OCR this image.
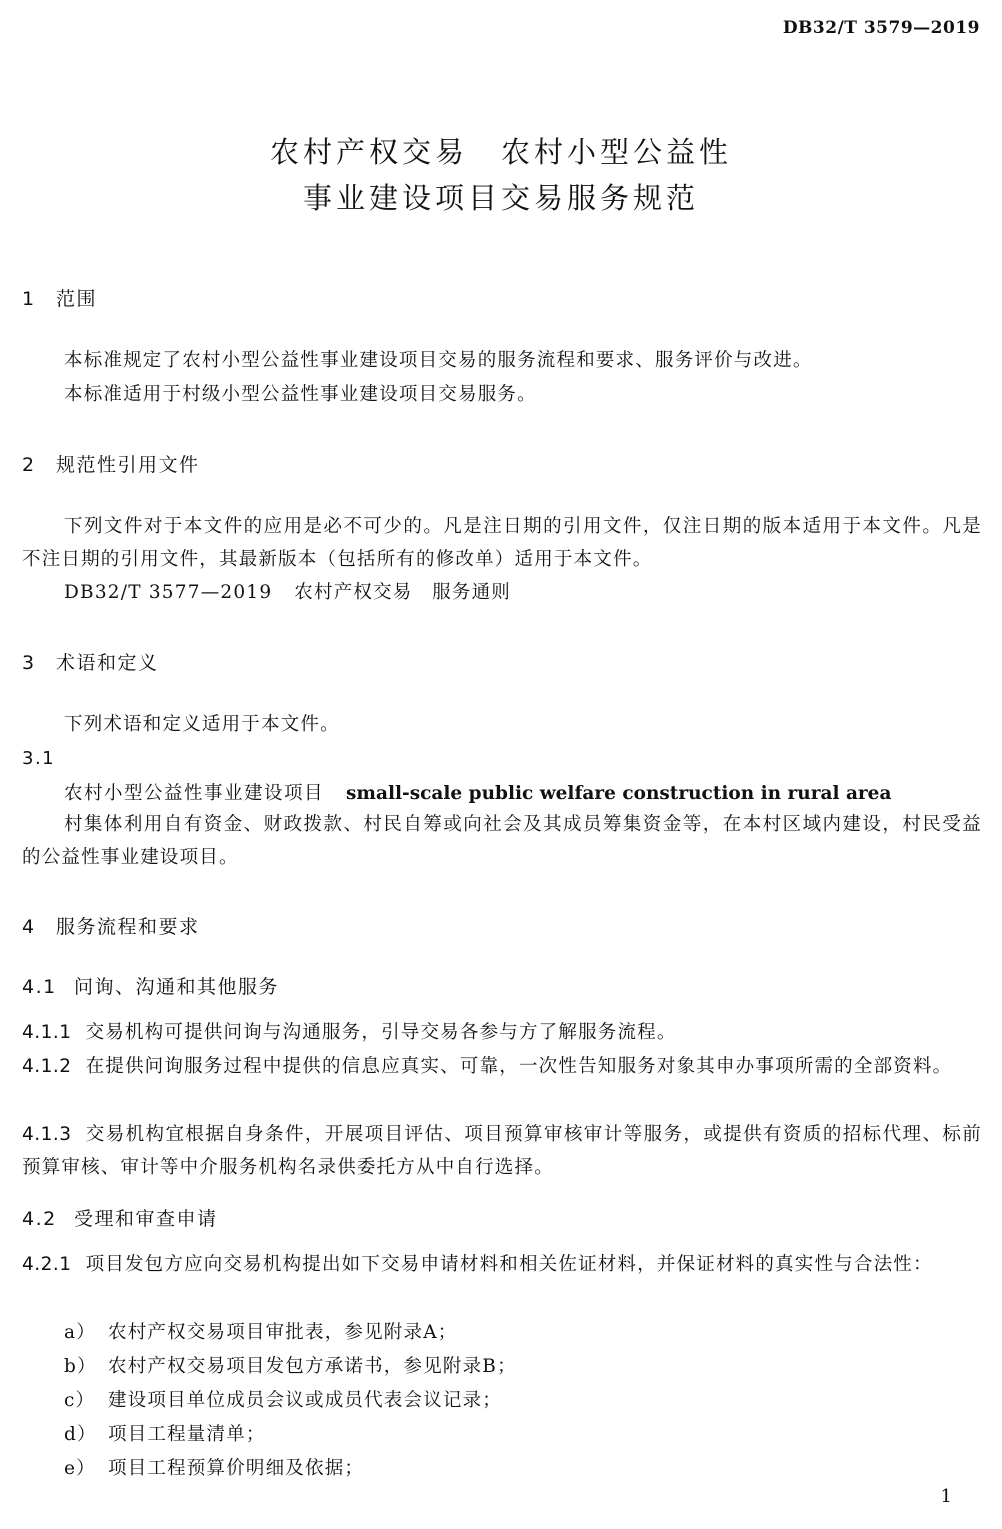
DB32/T 3579—2019
农村产权交易　农村小型公益性
事业建设项目交易服务规范
1 范围
本标准规定了农村小型公益性事业建设项目交易的服务流程和要求、服务评价与改进。
本标准适用于村级小型公益性事业建设项目交易服务。
2 规范性引用文件
下列文件对于本文件的应用是必不可少的。凡是注日期的引用文件，仅注日期的版本适用于本文件。凡是不注日期的引用文件，其最新版本（包括所有的修改单）适用于本文件。
DB32/T 3577—2019 农村产权交易　服务通则
3 术语和定义
下列术语和定义适用于本文件。
3.1
农村小型公益性事业建设项目 small-scale public welfare construction in rural area
村集体利用自有资金、财政拨款、村民自筹或向社会及其成员筹集资金等，在本村区域内建设，村民受益的公益性事业建设项目。
4 服务流程和要求
4.1 问询、沟通和其他服务
4.1.1 交易机构可提供问询与沟通服务，引导交易各参与方了解服务流程。
4.1.2 在提供问询服务过程中提供的信息应真实、可靠，一次性告知服务对象其申办事项所需的全部资料。
4.1.3 交易机构宜根据自身条件，开展项目评估、项目预算审核审计等服务，或提供有资质的招标代理、标前预算审核、审计等中介服务机构名录供委托方从中自行选择。
4.2 受理和审查申请
4.2.1 项目发包方应向交易机构提出如下交易申请材料和相关佐证材料，并保证材料的真实性与合法性：
a） 农村产权交易项目审批表，参见附录A；
b） 农村产权交易项目发包方承诺书，参见附录B；
c） 建设项目单位成员会议或成员代表会议记录；
d） 项目工程量清单；
e） 项目工程预算价明细及依据；
1
